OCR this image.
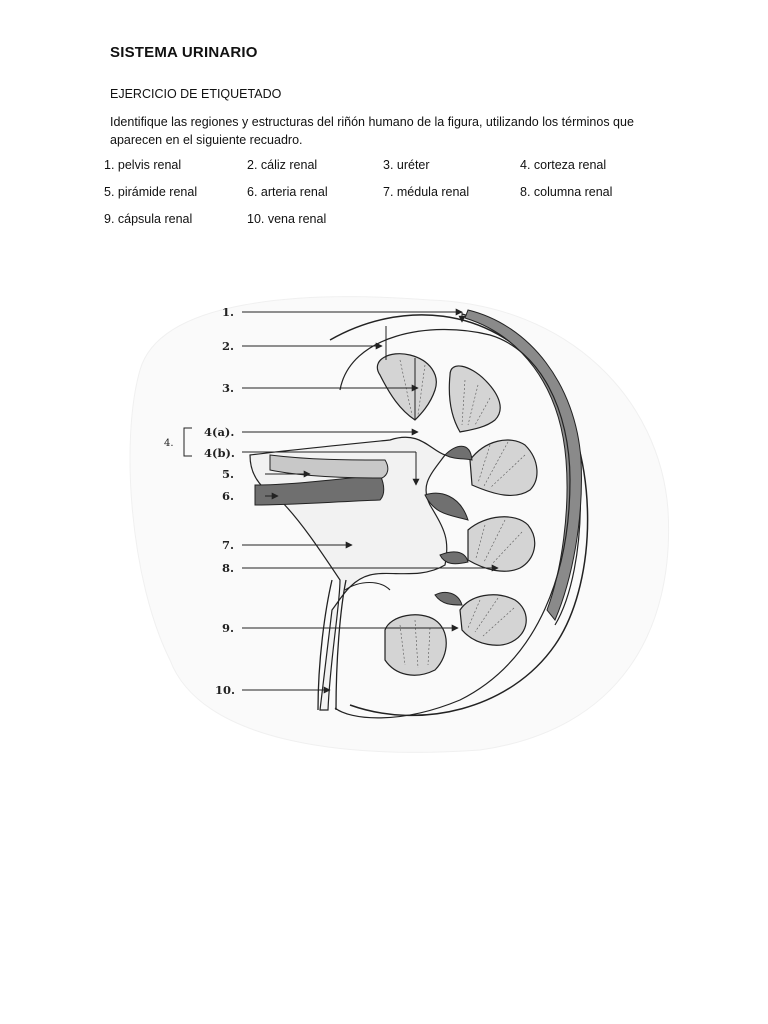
SISTEMA URINARIO
EJERCICIO DE ETIQUETADO
Identifique las regiones y estructuras del riñón humano de la figura, utilizando los términos que aparecen en el siguiente recuadro.
1. pelvis renal	2. cáliz renal	3. uréter	4. corteza renal
5. pirámide renal	6. arteria renal	7. médula renal	8. columna renal
9. cápsula renal	10. vena renal
1.
2.
3.
4(a).
4(b).
4.
5.
6.
7.
8.
9.
10.
